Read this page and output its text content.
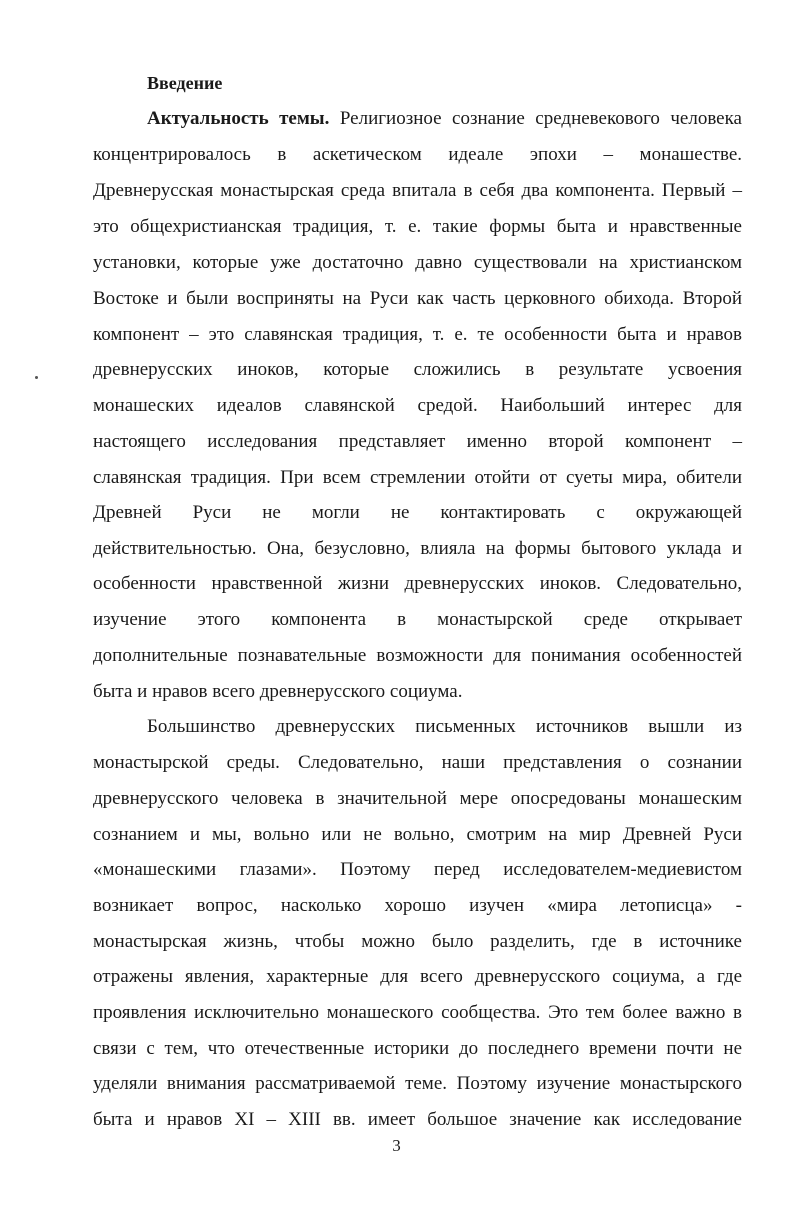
Введение

Актуальность темы. Религиозное сознание средневекового человека

концентрировалось в аскетическом идеале эпохи – монашестве.

Древнерусская монастырская среда впитала в себя два компонента. Первый –

это общехристианская традиция, т. е. такие формы быта и нравственные

установки, которые уже достаточно давно существовали на христианском

Востоке и были восприняты на Руси как часть церковного обихода. Второй

компонент – это славянская традиция, т. е. те особенности быта и нравов

древнерусских иноков, которые сложились в результате усвоения

монашеских идеалов славянской средой. Наибольший интерес для

настоящего исследования представляет именно второй компонент –

славянская традиция. При всем стремлении отойти от суеты мира, обители

Древней Руси не могли не контактировать с окружающей

действительностью. Она, безусловно, влияла на формы бытового уклада и

особенности нравственной жизни древнерусских иноков. Следовательно,

изучение этого компонента в монастырской среде открывает

дополнительные познавательные возможности для понимания особенностей

быта и нравов всего древнерусского социума.

Большинство древнерусских письменных источников вышли из

монастырской среды. Следовательно, наши представления о сознании

древнерусского человека в значительной мере опосредованы монашеским

сознанием и мы, вольно или не вольно, смотрим на мир Древней Руси

«монашескими глазами». Поэтому перед исследователем-медиевистом

возникает вопрос, насколько хорошо изучен «мира летописца» -

монастырская жизнь, чтобы можно было разделить, где в источнике

отражены явления, характерные для всего древнерусского социума, а где

проявления исключительно монашеского сообщества. Это тем более важно в

связи с тем, что отечественные историки до последнего времени почти не

уделяли внимания рассматриваемой теме. Поэтому изучение монастырского

быта и нравов XI – XIII вв. имеет большое значение как исследование

3
